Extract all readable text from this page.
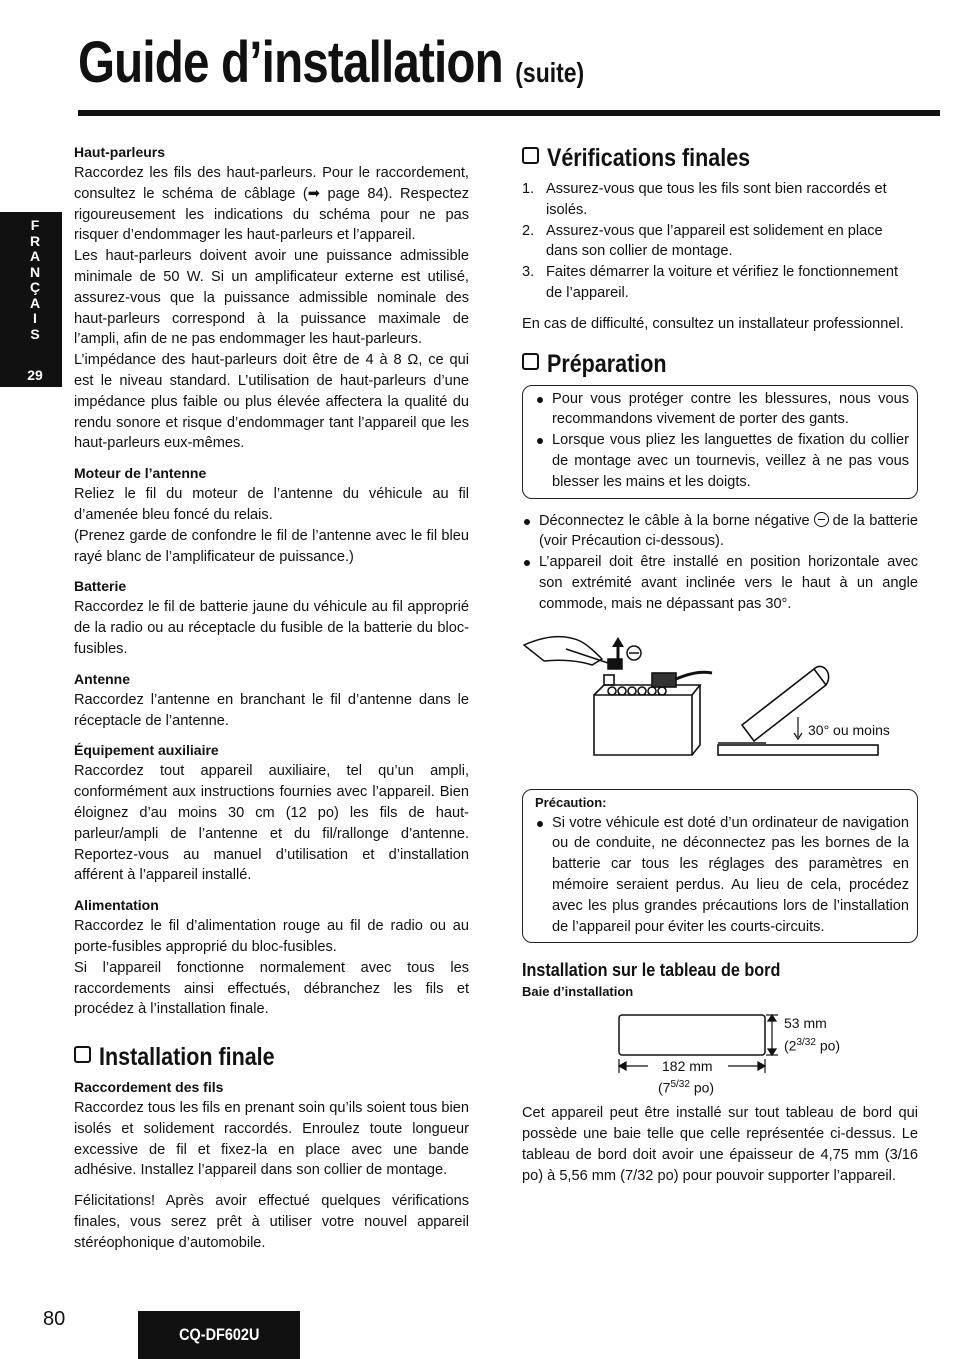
Guide d’installation (suite)
F
R
A
N
Ç
A
I
S
29
Haut-parleurs

Raccordez les fils des haut-parleurs. Pour le raccordement, consultez le schéma de câblage (➡ page 84). Respectez rigoureusement les indications du schéma pour ne pas risquer d’endommager les haut-parleurs et l’appareil.

Les haut-parleurs doivent avoir une puissance admissible minimale de 50 W. Si un amplificateur externe est utilisé, assurez-vous que la puissance admissible nominale des haut-parleurs correspond à la puissance maximale de l’ampli, afin de ne pas endommager les haut-parleurs.

L’impédance des haut-parleurs doit être de 4 à 8 Ω, ce qui est le niveau standard. L’utilisation de haut-parleurs d’une impédance plus faible ou plus élevée affectera la qualité du rendu sonore et risque d’endommager tant l’appareil que les haut-parleurs eux-mêmes.

Moteur de l’antenne

Reliez le fil du moteur de l’antenne du véhicule au fil d’amenée bleu foncé du relais.

(Prenez garde de confondre le fil de l’antenne avec le fil bleu rayé blanc de l’amplificateur de puissance.)

Batterie

Raccordez le fil de batterie jaune du véhicule au fil approprié de la radio ou au réceptacle du fusible de la batterie du bloc-fusibles.

Antenne

Raccordez l’antenne en branchant le fil d’antenne dans le réceptacle de l’antenne.

Équipement auxiliaire

Raccordez tout appareil auxiliaire, tel qu’un ampli, conformément aux instructions fournies avec l’appareil. Bien éloignez d’au moins 30 cm (12 po) les fils de haut-parleur/ampli de l’antenne et du fil/rallonge d’antenne. Reportez-vous au manuel d’utilisation et d’installation afférent à l’appareil installé.

Alimentation

Raccordez le fil d’alimentation rouge au fil de radio ou au porte-fusibles approprié du bloc-fusibles.

Si l’appareil fonctionne normalement avec tous les raccordements ainsi effectués, débranchez les fils et procédez à l’installation finale.

Installation finale
Raccordement des fils

Raccordez tous les fils en prenant soin qu’ils soient tous bien isolés et solidement raccordés. Enroulez toute longueur excessive de fil et fixez-la en place avec une bande adhésive. Installez l’appareil dans son collier de montage.

Félicitations! Après avoir effectué quelques vérifications finales, vous serez prêt à utiliser votre nouvel appareil stéréophonique d’automobile.

Vérifications finales
1. Assurez-vous que tous les fils sont bien raccordés et isolés.
2. Assurez-vous que l’appareil est solidement en place dans son collier de montage.
3. Faites démarrer la voiture et vérifiez le fonctionnement de l’appareil.

En cas de difficulté, consultez un installateur professionnel.

Préparation
Pour vous protéger contre les blessures, nous vous recommandons vivement de porter des gants.
Lorsque vous pliez les languettes de fixation du collier de montage avec un tournevis, veillez à ne pas vous blesser les mains et les doigts.
Déconnectez le câble à la borne négative de la batterie (voir Précaution ci-dessous).
L’appareil doit être installé en position horizontale avec son extrémité avant inclinée vers le haut à un angle commode, mais ne dépassant pas 30°.
30° ou moins
Précaution:
Si votre véhicule est doté d’un ordinateur de navigation ou de conduite, ne déconnectez pas les bornes de la batterie car tous les réglages des paramètres en mémoire seraient perdus. Au lieu de cela, procédez avec les plus grandes précautions lors de l’installation de l’appareil pour éviter les courts-circuits.
Installation sur le tableau de bord
Baie d’installation
53 mm
($2^{3/32}$ po)
182 mm
($7^{5/32}$ po)

Cet appareil peut être installé sur tout tableau de bord qui possède une baie telle que celle représentée ci-dessus. Le tableau de bord doit avoir une épaisseur de 4,75 mm (3/16 po) à 5,56 mm (7/32 po) pour pouvoir supporter l’appareil.

80
CQ-DF602U
